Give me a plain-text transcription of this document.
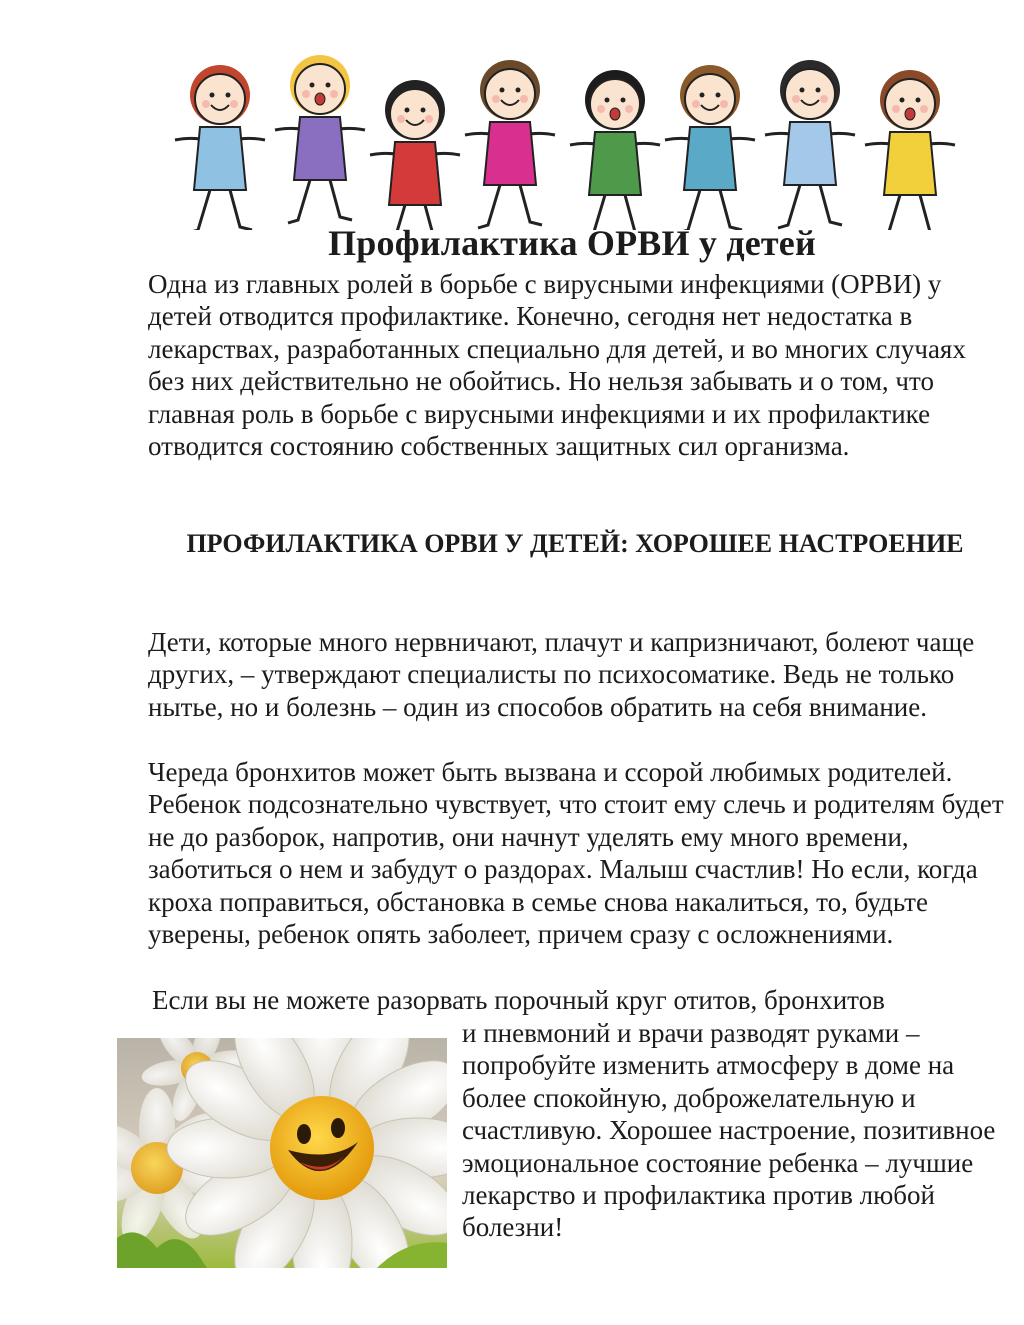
Профилактика ОРВИ у детей

Одна из главных ролей в борьбе с вирусными инфекциями (ОРВИ) у детей отводится профилактике. Конечно, сегодня нет недостатка в лекарствах, разработанных специально для детей, и во многих случаях без них действительно не обойтись. Но нельзя забывать и о том, что главная роль в борьбе с вирусными инфекциями и их профилактике отводится состоянию собственных защитных сил организма.

ПРОФИЛАКТИКА ОРВИ У ДЕТЕЙ: ХОРОШЕЕ НАСТРОЕНИЕ

Дети, которые много нервничают, плачут и капризничают, болеют чаще других, – утверждают специалисты по психосоматике. Ведь не только нытье, но и болезнь – один из способов обратить на себя внимание.

Череда бронхитов может быть вызвана и ссорой любимых родителей. Ребенок подсознательно чувствует, что стоит ему слечь и родителям будет не до разборок, напротив, они начнут уделять ему много времени, заботиться о нем и забудут о раздорах. Малыш счастлив! Но если, когда кроха поправиться, обстановка в семье снова накалиться, то, будьте уверены, ребенок опять заболеет, причем сразу с осложнениями.

Если вы не можете разорвать порочный круг отитов, бронхитов

и пневмоний и врачи разводят руками – попробуйте изменить атмосферу в доме на более спокойную, доброжелательную и счастливую. Хорошее настроение, позитивное эмоциональное состояние ребенка – лучшие лекарство и профилактика против любой болезни!
